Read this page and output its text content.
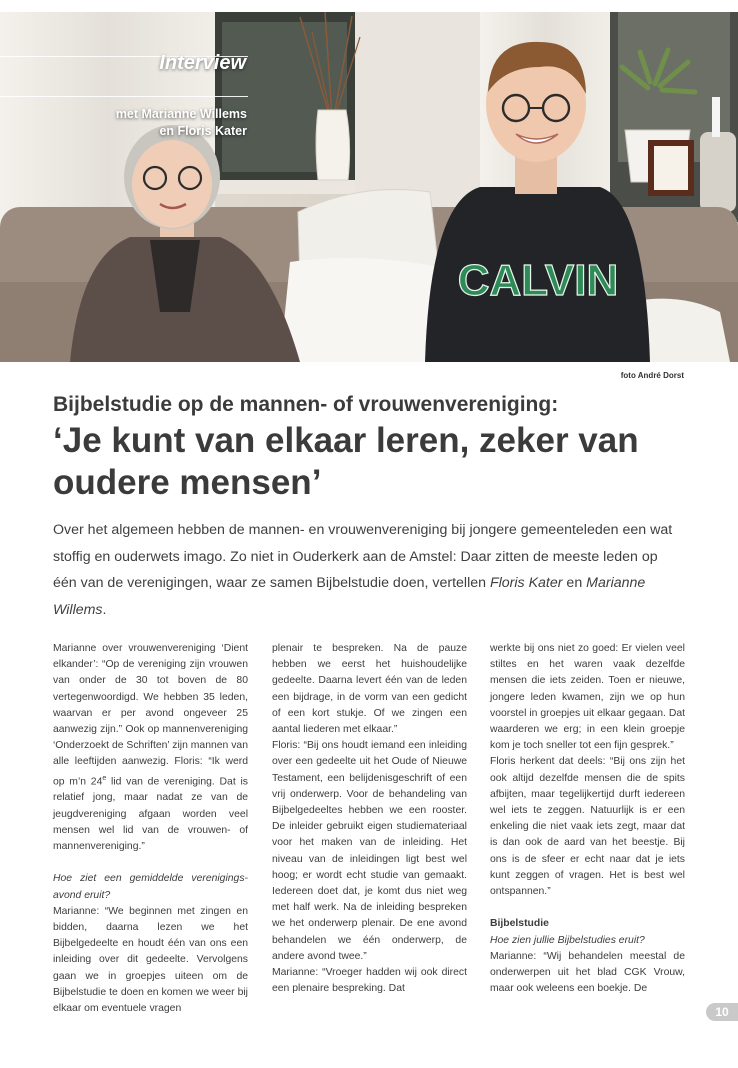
CALVIN
Interview
met Marianne Willems
en Floris Kater
foto André Dorst
Bijbelstudie op de mannen- of vrouwenvereniging:
‘Je kunt van elkaar leren, zeker van oudere mensen’
Over het algemeen hebben de mannen- en vrouwenvereniging bij jongere gemeenteleden een wat stoffig en ouderwets imago. Zo niet in Ouderkerk aan de Amstel: Daar zitten de meeste leden op één van de verenigingen, waar ze samen Bijbelstudie doen, vertellen Floris Kater en Marianne Willems.

Marianne over vrouwenvereniging ‘Dient elkander’: “Op de vereniging zijn vrouwen van onder de 30 tot boven de 80 vertegenwoordigd. We hebben 35 leden, waarvan er per avond ongeveer 25 aanwezig zijn.” Ook op mannenvereniging ‘Onderzoekt de Schriften’ zijn mannen van alle leeftijden aanwezig. Floris: “Ik werd op m’n 24e lid van de vereniging. Dat is relatief jong, maar nadat ze van de jeugdvereniging afgaan worden veel mensen wel lid van de vrouwen- of mannenvereniging.”

Hoe ziet een gemiddelde verenigings-avond eruit?

Marianne: “We beginnen met zingen en bidden, daarna lezen we het Bijbelgedeelte en houdt één van ons een inleiding over dit gedeelte. Vervolgens gaan we in groepjes uiteen om de Bijbelstudie te doen en komen we weer bij elkaar om eventuele vragen

plenair te bespreken. Na de pauze hebben we eerst het huishoudelijke gedeelte. Daarna levert één van de leden een bijdrage, in de vorm van een gedicht of een kort stukje. Of we zingen een aantal liederen met elkaar.”

Floris: “Bij ons houdt iemand een inleiding over een gedeelte uit het Oude of Nieuwe Testament, een belijdenisgeschrift of een vrij onderwerp. Voor de behandeling van Bijbelgedeeltes hebben we een rooster. De inleider gebruikt eigen studiemateriaal voor het maken van de inleiding. Het niveau van de inleidingen ligt best wel hoog; er wordt echt studie van gemaakt. Iedereen doet dat, je komt dus niet weg met half werk. Na de inleiding bespreken we het onderwerp plenair. De ene avond behandelen we één onderwerp, de andere avond twee.”

Marianne: “Vroeger hadden wij ook direct een plenaire bespreking. Dat

werkte bij ons niet zo goed: Er vielen veel stiltes en het waren vaak dezelfde mensen die iets zeiden. Toen er nieuwe, jongere leden kwamen, zijn we op hun voorstel in groepjes uit elkaar gegaan. Dat waarderen we erg; in een klein groepje kom je toch sneller tot een fijn gesprek.”

Floris herkent dat deels: “Bij ons zijn het ook altijd dezelfde mensen die de spits afbijten, maar tegelijkertijd durft iedereen wel iets te zeggen. Natuurlijk is er een enkeling die niet vaak iets zegt, maar dat is dan ook de aard van het beestje. Bij ons is de sfeer er echt naar dat je iets kunt zeggen of vragen. Het is best wel ontspannen.”

Bijbelstudie

Hoe zien jullie Bijbelstudies eruit?

Marianne: “Wij behandelen meestal de onderwerpen uit het blad CGK Vrouw, maar ook weleens een boekje. De

10
